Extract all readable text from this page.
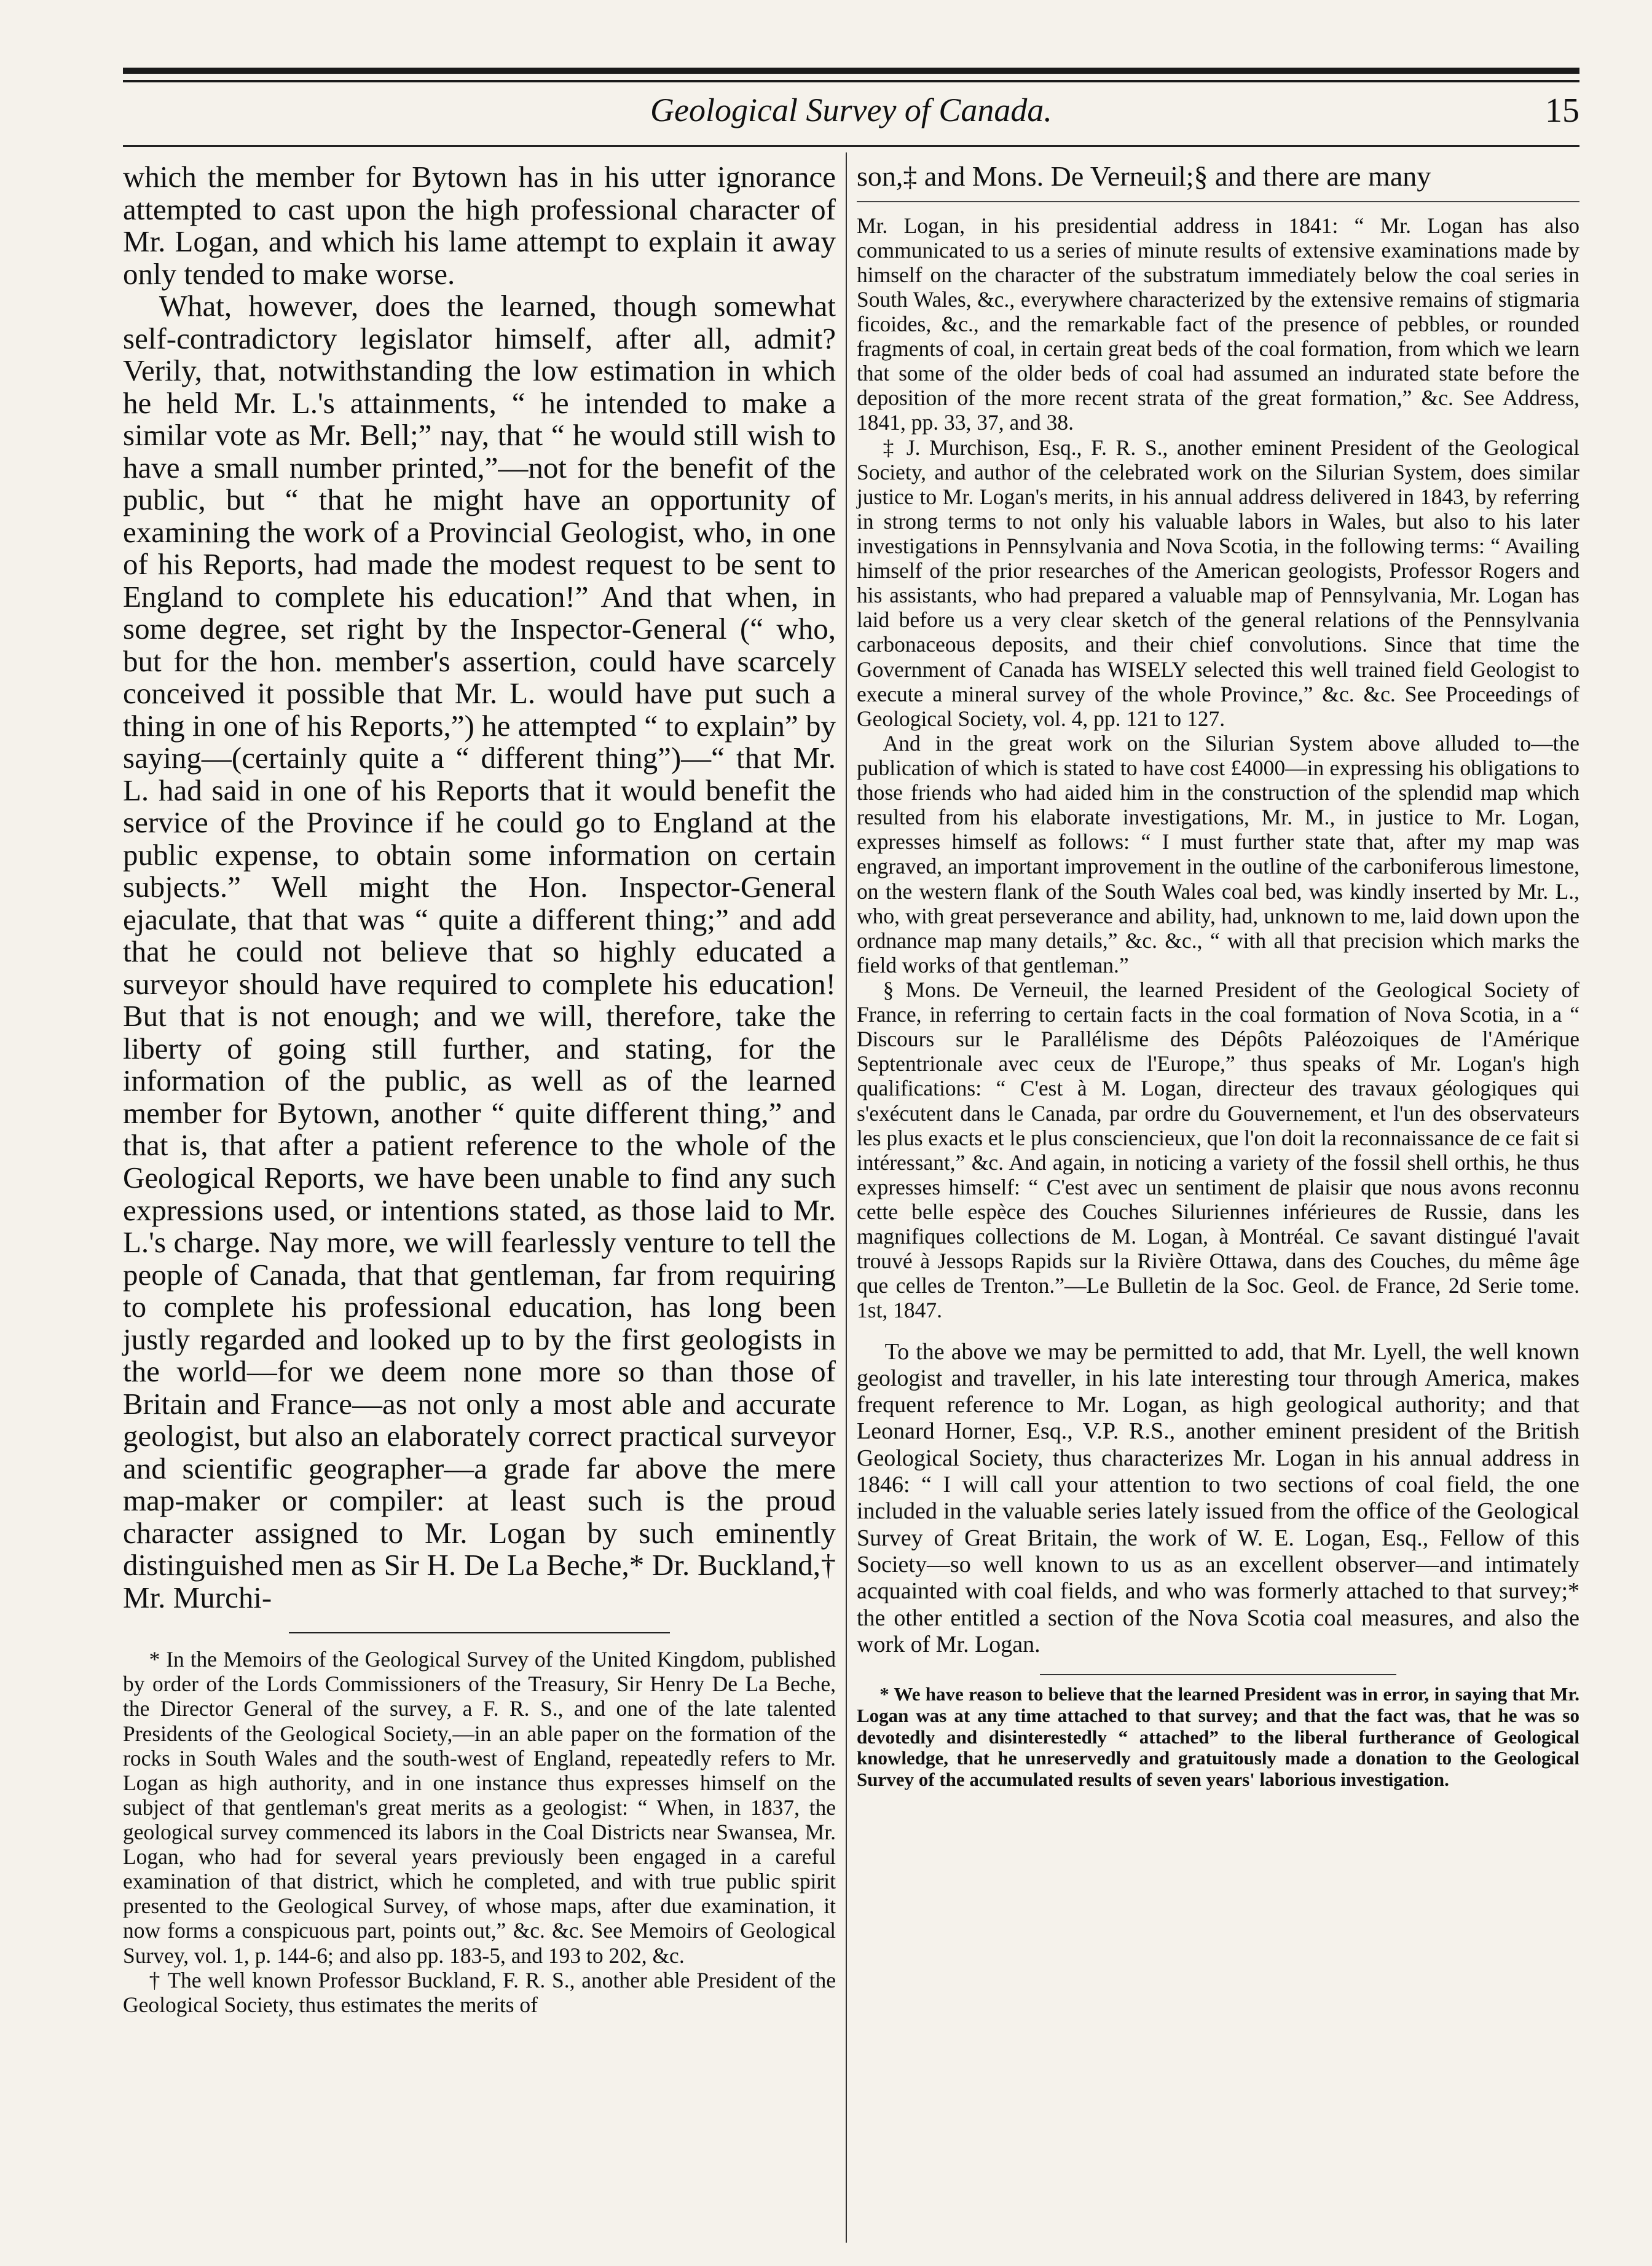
Geological Survey of Canada.	15

which the member for Bytown has in his utter ignorance attempted to cast upon the high professional character of Mr. Logan, and which his lame attempt to explain it away only tended to make worse.

What, however, does the learned, though somewhat self-contradictory legislator himself, after all, admit? Verily, that, notwithstanding the low estimation in which he held Mr. L.'s attainments, “ he intended to make a similar vote as Mr. Bell;” nay, that “ he would still wish to have a small number printed,”—not for the benefit of the public, but “ that he might have an opportunity of examining the work of a Provincial Geologist, who, in one of his Reports, had made the modest request to be sent to England to complete his education!” And that when, in some degree, set right by the Inspector-General (“ who, but for the hon. member's assertion, could have scarcely conceived it possible that Mr. L. would have put such a thing in one of his Reports,”) he attempted “ to explain” by saying—(certainly quite a “ different thing”)—“ that Mr. L. had said in one of his Reports that it would benefit the service of the Province if he could go to England at the public expense, to obtain some information on certain subjects.” Well might the Hon. Inspector-General ejaculate, that that was “ quite a different thing;” and add that he could not believe that so highly educated a surveyor should have required to complete his education! But that is not enough; and we will, therefore, take the liberty of going still further, and stating, for the information of the public, as well as of the learned member for Bytown, another “ quite different thing,” and that is, that after a patient reference to the whole of the Geological Reports, we have been unable to find any such expressions used, or intentions stated, as those laid to Mr. L.'s charge. Nay more, we will fearlessly venture to tell the people of Canada, that that gentleman, far from requiring to complete his professional education, has long been justly regarded and looked up to by the first geologists in the world—for we deem none more so than those of Britain and France—as not only a most able and accurate geologist, but also an elaborately correct practical surveyor and scientific geographer—a grade far above the mere map-maker or compiler: at least such is the proud character assigned to Mr. Logan by such eminently distinguished men as Sir H. De La Beche,* Dr. Buckland,† Mr. Murchi-

* In the Memoirs of the Geological Survey of the United Kingdom, published by order of the Lords Commissioners of the Treasury, Sir Henry De La Beche, the Director General of the survey, a F. R. S., and one of the late talented Presidents of the Geological Society,—in an able paper on the formation of the rocks in South Wales and the south-west of England, repeatedly refers to Mr. Logan as high authority, and in one instance thus expresses himself on the subject of that gentleman's great merits as a geologist: “ When, in 1837, the geological survey commenced its labors in the Coal Districts near Swansea, Mr. Logan, who had for several years previously been engaged in a careful examination of that district, which he completed, and with true public spirit presented to the Geological Survey, of whose maps, after due examination, it now forms a conspicuous part, points out,” &c. &c. See Memoirs of Geological Survey, vol. 1, p. 144-6; and also pp. 183-5, and 193 to 202, &c.

† The well known Professor Buckland, F. R. S., another able President of the Geological Society, thus estimates the merits of

son,‡ and Mons. De Verneuil;§ and there are many

Mr. Logan, in his presidential address in 1841: “ Mr. Logan has also communicated to us a series of minute results of extensive examinations made by himself on the character of the substratum immediately below the coal series in South Wales, &c., everywhere characterized by the extensive remains of stigmaria ficoides, &c., and the remarkable fact of the presence of pebbles, or rounded fragments of coal, in certain great beds of the coal formation, from which we learn that some of the older beds of coal had assumed an indurated state before the deposition of the more recent strata of the great formation,” &c. See Address, 1841, pp. 33, 37, and 38.

‡ J. Murchison, Esq., F. R. S., another eminent President of the Geological Society, and author of the celebrated work on the Silurian System, does similar justice to Mr. Logan's merits, in his annual address delivered in 1843, by referring in strong terms to not only his valuable labors in Wales, but also to his later investigations in Pennsylvania and Nova Scotia, in the following terms: “ Availing himself of the prior researches of the American geologists, Professor Rogers and his assistants, who had prepared a valuable map of Pennsylvania, Mr. Logan has laid before us a very clear sketch of the general relations of the Pennsylvania carbonaceous deposits, and their chief convolutions. Since that time the Government of Canada has WISELY selected this well trained field Geologist to execute a mineral survey of the whole Province,” &c. &c. See Proceedings of Geological Society, vol. 4, pp. 121 to 127.

And in the great work on the Silurian System above alluded to—the publication of which is stated to have cost £4000—in expressing his obligations to those friends who had aided him in the construction of the splendid map which resulted from his elaborate investigations, Mr. M., in justice to Mr. Logan, expresses himself as follows: “ I must further state that, after my map was engraved, an important improvement in the outline of the carboniferous limestone, on the western flank of the South Wales coal bed, was kindly inserted by Mr. L., who, with great perseverance and ability, had, unknown to me, laid down upon the ordnance map many details,” &c. &c., “ with all that precision which marks the field works of that gentleman.”

§ Mons. De Verneuil, the learned President of the Geological Society of France, in referring to certain facts in the coal formation of Nova Scotia, in a “ Discours sur le Parallélisme des Dépôts Paléozoiques de l'Amérique Septentrionale avec ceux de l'Europe,” thus speaks of Mr. Logan's high qualifications: “ C'est à M. Logan, directeur des travaux géologiques qui s'exécutent dans le Canada, par ordre du Gouvernement, et l'un des observateurs les plus exacts et le plus consciencieux, que l'on doit la reconnaissance de ce fait si intéressant,” &c. And again, in noticing a variety of the fossil shell orthis, he thus expresses himself: “ C'est avec un sentiment de plaisir que nous avons reconnu cette belle espèce des Couches Siluriennes inférieures de Russie, dans les magnifiques collections de M. Logan, à Montréal. Ce savant distingué l'avait trouvé à Jessops Rapids sur la Rivière Ottawa, dans des Couches, du même âge que celles de Trenton.”—Le Bulletin de la Soc. Geol. de France, 2d Serie tome. 1st, 1847.

To the above we may be permitted to add, that Mr. Lyell, the well known geologist and traveller, in his late interesting tour through America, makes frequent reference to Mr. Logan, as high geological authority; and that Leonard Horner, Esq., V.P. R.S., another eminent president of the British Geological Society, thus characterizes Mr. Logan in his annual address in 1846: “ I will call your attention to two sections of coal field, the one included in the valuable series lately issued from the office of the Geological Survey of Great Britain, the work of W. E. Logan, Esq., Fellow of this Society—so well known to us as an excellent observer—and intimately acquainted with coal fields, and who was formerly attached to that survey;* the other entitled a section of the Nova Scotia coal measures, and also the work of Mr. Logan.

* We have reason to believe that the learned President was in error, in saying that Mr. Logan was at any time attached to that survey; and that the fact was, that he was so devotedly and disinterestedly “ attached” to the liberal furtherance of Geological knowledge, that he unreservedly and gratuitously made a donation to the Geological Survey of the accumulated results of seven years' laborious investigation.
